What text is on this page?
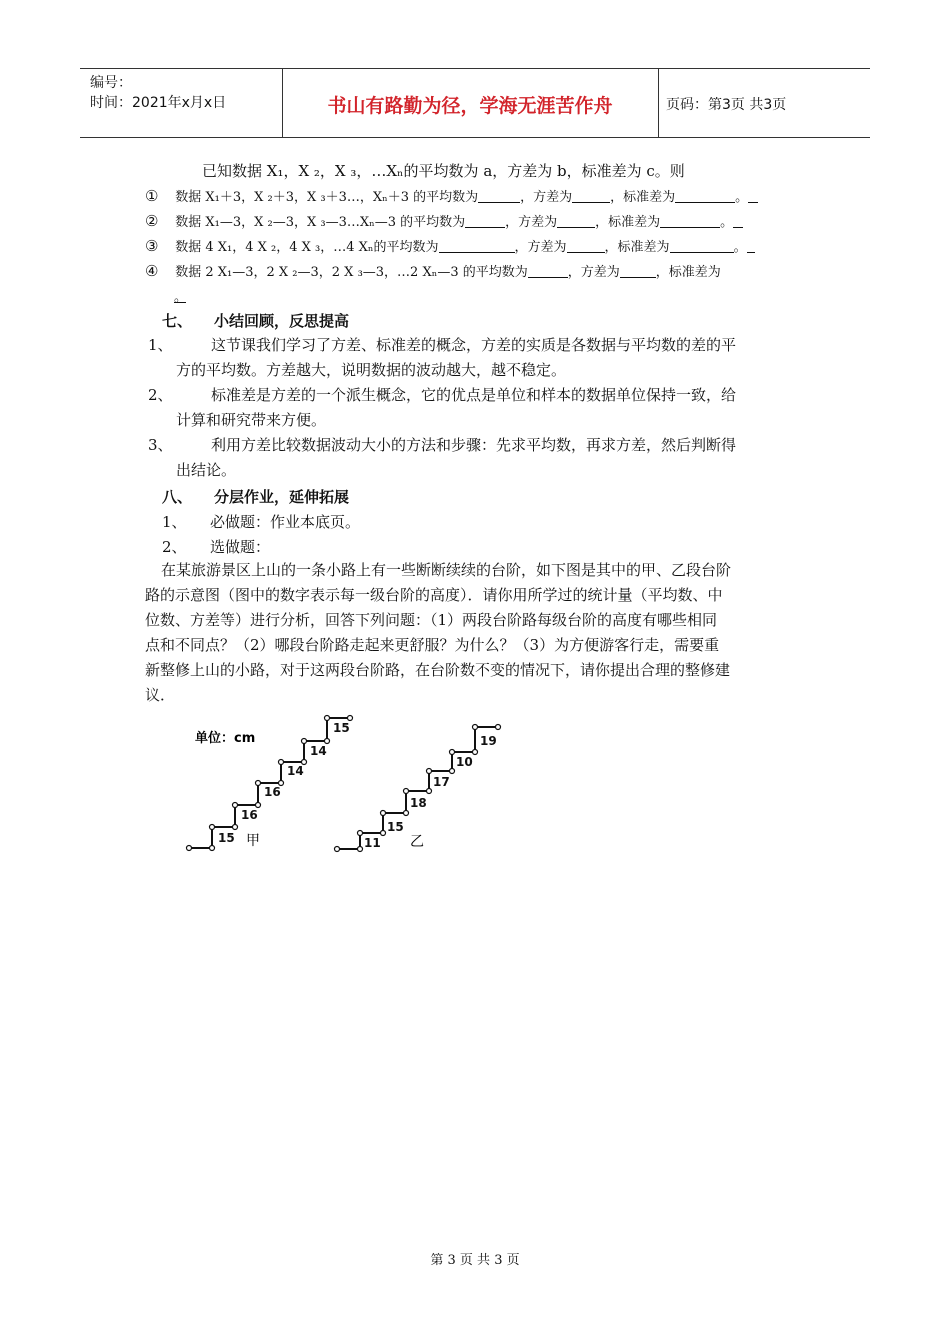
编号：
时间：2021年x月x日	书山有路勤为径，学海无涯苦作舟	页码：第3页 共3页
已知数据 X₁，X ₂，X ₃，…Xₙ的平均数为 a，方差为 b，标准差为 c。则
① 数据 X₁＋3，X ₂＋3，X ₃＋3…，Xₙ＋3 的平均数为	，方差为	，标准差为	。
② 数据 X₁—3，X ₂—3，X ₃—3…Xₙ—3 的平均数为	，方差为	，标准差为	。
③ 数据 4 X₁，4 X ₂，4 X ₃，…4 Xₙ的平均数为	，方差为	，标准差为	。
④ 数据 2 X₁—3，2 X ₂—3，2 X ₃—3，…2 Xₙ—3 的平均数为	，方差为	，标准差为
。
七、 小结回顾，反思提高
1、	这节课我们学习了方差、标准差的概念，方差的实质是各数据与平均数的差的平
方的平均数。方差越大，说明数据的波动越大，越不稳定。
2、	标准差是方差的一个派生概念，它的优点是单位和样本的数据单位保持一致，给
计算和研究带来方便。
3、	利用方差比较数据波动大小的方法和步骤：先求平均数，再求方差，然后判断得
出结论。
八、 分层作业，延伸拓展
1、 必做题：作业本底页。
2、 选做题：
在某旅游景区上山的一条小路上有一些断断续续的台阶，如下图是其中的甲、乙段台阶
路的示意图（图中的数字表示每一级台阶的高度）．请你用所学过的统计量（平均数、中
位数、方差等）进行分析，回答下列问题：（1）两段台阶路每级台阶的高度有哪些相同
点和不同点？（2）哪段台阶路走起来更舒服？为什么？（3）为方便游客行走，需要重
新整修上山的小路，对于这两段台阶路，在台阶数不变的情况下，请你提出合理的整修建
议．
单位：cm
15
16
16
14
14
15
甲	11
15
18
17
10
19
乙
第 3 页 共 3 页
